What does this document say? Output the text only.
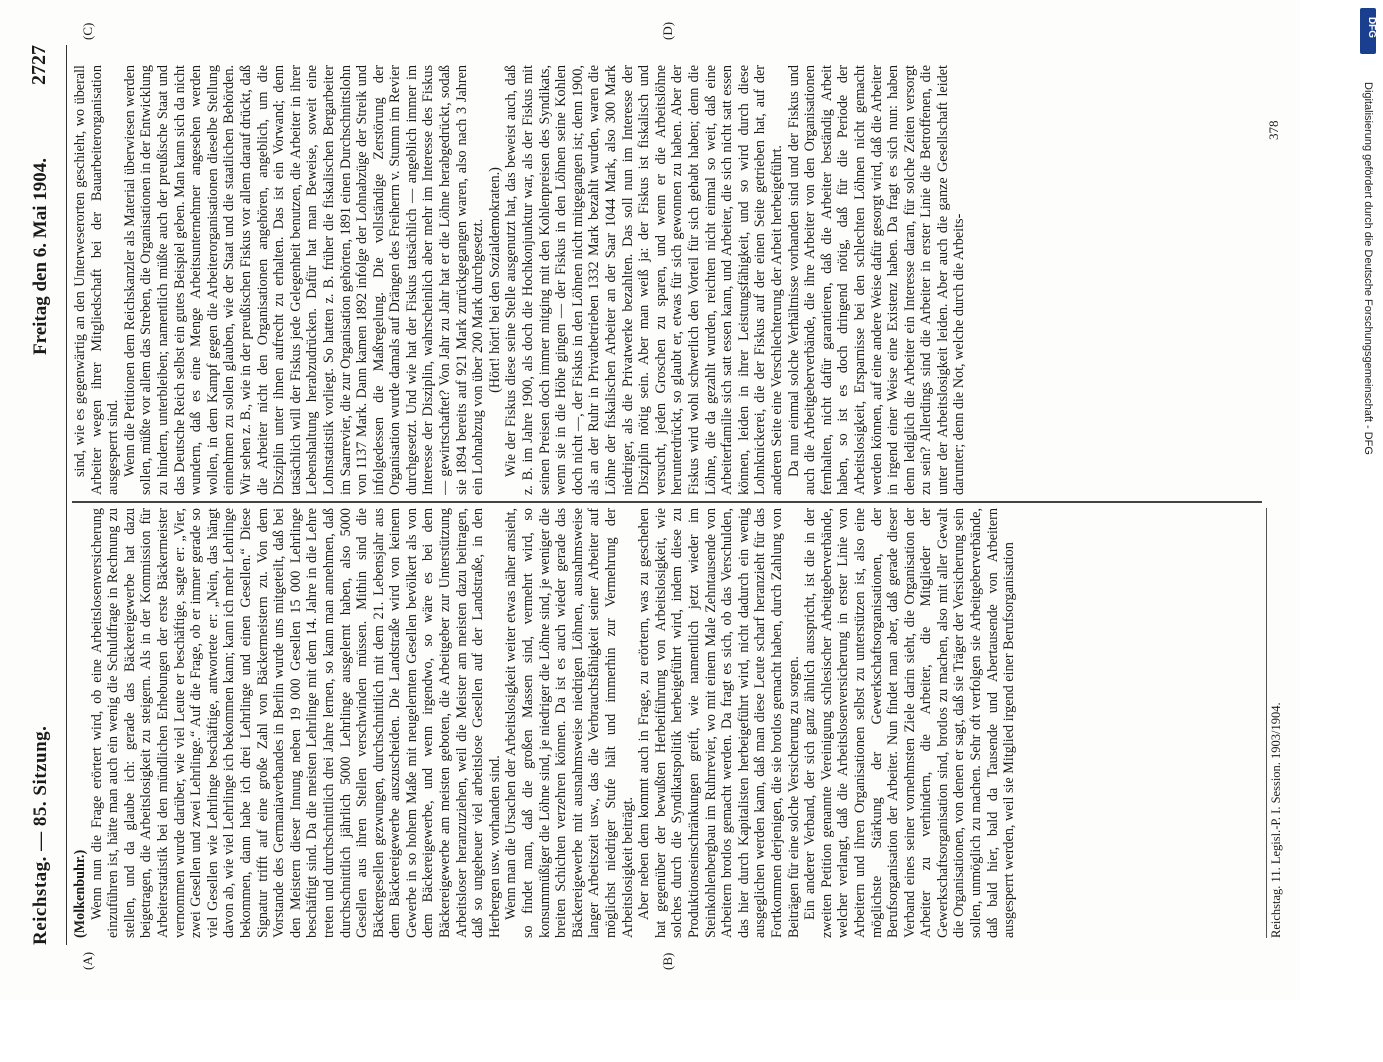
Reichstag. — 85. Sitzung.
Freitag den 6. Mai 1904.
2727
(A)	(B)
(C)	(D)

(Molkenbuhr.) Wenn nun die Frage erörtert wird, ob eine Arbeitslosenversicherung einzuführen ist, hätte man auch ein wenig die Schuldfrage in Rechnung zu stellen, und da glaube ich: gerade das Bäckereigewerbe hat dazu beigetragen, die Arbeitslosigkeit zu steigern. Als in der Kommission für Arbeiterstatistik bei den mündlichen Erhebungen der erste Bäckermeister vernommen wurde darüber, wie viel Leute er beschäftige, sagte er: „Vier, zwei Gesellen und zwei Lehrlinge.“ Auf die Frage, ob er immer gerade so viel Gesellen wie Lehrlinge beschäftige, antwortete er: „Nein, das hängt davon ab, wie viel Lehrlinge ich bekommen kann; kann ich mehr Lehrlinge bekommen, dann habe ich drei Lehrlinge und einen Gesellen.“ Diese Signatur trifft auf eine große Zahl von Bäckermeistern zu. Von dem Vorstande des Germaniaverbandes in Berlin wurde uns mitgeteilt, daß bei den Meistern dieser Innung neben 19 000 Gesellen 15 000 Lehrlinge beschäftigt sind. Da die meisten Lehrlinge mit dem 14. Jahre in die Lehre treten und durchschnittlich drei Jahre lernen, so kann man annehmen, daß durchschnittlich jährlich 5000 Lehrlinge ausgelernt haben, also 5000 Gesellen aus ihren Stellen verschwinden müssen. Mithin sind die Bäckergesellen gezwungen, durchschnittlich mit dem 21. Lebensjahr aus dem Bäckereigewerbe auszuscheiden. Die Landstraße wird von keinem Gewerbe in so hohem Maße mit neugelernten Gesellen bevölkert als von dem Bäckereigewerbe, und wenn irgendwo, so wäre es bei dem Bäckereigewerbe am meisten geboten, die Arbeitgeber zur Unterstützung Arbeitsloser heranzuziehen, weil die Meister am meisten dazu beitragen, daß so ungeheuer viel arbeitslose Gesellen auf der Landstraße, in den Herbergen usw. vorhanden sind. Wenn man die Ursachen der Arbeitslosigkeit weiter etwas näher ansieht, so findet man, daß die großen Massen sind, vermehrt wird, so konsummüßiger die Löhne sind, je niedriger die Löhne sind, je weniger die breiten Schichten verzehren können. Da ist es auch wieder gerade das Bäckereigewerbe mit ausnahmsweise niedrigen Löhnen, ausnahmsweise langer Arbeitszeit usw., das die Verbrauchsfähigkeit seiner Arbeiter auf möglichst niedriger Stufe hält und immerhin zur Vermehrung der Arbeitslosigkeit beiträgt. Aber neben dem kommt auch in Frage, zu erörtern, was zu geschehen hat gegenüber der bewußten Herbeiführung von Arbeitslosigkeit, wie solches durch die Syndikatspolitik herbeigeführt wird, indem diese zu Produktionseinschränkungen greift, wie namentlich jetzt wieder im Steinkohlenbergbau im Ruhrrevier, wo mit einem Male Zehntausende von Arbeitern brotlos gemacht werden. Da fragt es sich, ob das Verschulden, das hier durch Kapitalisten herbeigeführt wird, nicht dadurch ein wenig ausgeglichen werden kann, daß man diese Leute scharf heranzieht für das Fortkommen derjenigen, die sie brotlos gemacht haben, durch Zahlung von Beiträgen für eine solche Versicherung zu sorgen. Ein anderer Verband, der sich ganz ähnlich ausspricht, ist die in der zweiten Petition genannte Vereinigung schlesischer Arbeitgeberverbände, welcher verlangt, daß die Arbeitslosenversicherung in erster Linie von Arbeitern und ihren Organisationen selbst zu unterstützen ist, also eine möglichste Stärkung der Gewerkschaftsorganisationen, der Berufsorganisation der Arbeiter. Nun findet man aber, daß gerade dieser Verband eines seiner vornehmsten Ziele darin sieht, die Organisation der Arbeiter zu verhindern, die Arbeiter, die Mitglieder der Gewerkschaftsorganisation sind, brotlos zu machen, also mit aller Gewalt die Organisationen, von denen er sagt, daß sie Träger der Versicherung sein sollen, unmöglich zu machen. Sehr oft verfolgen sie Arbeitgeberverbände, daß bald hier, bald da Tausende und Abertausende von Arbeitern ausgesperrt werden, weil sie Mitglied irgend einer Berufsorganisation

sind, wie es gegenwärtig an den Unterweserorten geschieht, wo überall Arbeiter wegen ihrer Mitgliedschaft bei der Bauarbeiterorganisation ausgesperrt sind. Wenn die Petitionen dem Reichskanzler als Material überwiesen werden sollen, müßte vor allem das Streben, die Organisationen in der Entwicklung zu hindern, unterbleiben; namentlich müßte auch der preußische Staat und das Deutsche Reich selbst ein gutes Beispiel geben. Man kann sich da nicht wundern, daß es eine Menge Arbeitsunternehmer angesehen werden wollen, in dem Kampf gegen die Arbeiterorganisationen dieselbe Stellung einnehmen zu sollen glauben, wie der Staat und die staatlichen Behörden. Wir sehen z. B., wie in der preußischen Fiskus vor allem darauf drückt, daß die Arbeiter nicht den Organisationen angehören, angeblich, um die Disziplin unter ihnen aufrecht zu erhalten. Das ist ein Vorwand; denn tatsächlich will der Fiskus jede Gelegenheit benutzen, die Arbeiter in ihrer Lebenshaltung herabzudrücken. Dafür hat man Beweise, soweit eine Lohnstatistik vorliegt. So hatten z. B. früher die fiskalischen Bergarbeiter im Saarrevier, die zur Organisation gehörten, 1891 einen Durchschnittslohn von 1137 Mark. Dann kamen 1892 infolge der Lohnabzüge der Streik und infolgedessen die Maßregelung. Die vollständige Zerstörung der Organisation wurde damals auf Drängen des Freiherrn v. Stumm im Revier durchgesetzt. Und wie hat der Fiskus tatsächlich — angeblich immer im Interesse der Disziplin, wahrscheinlich aber mehr im Interesse des Fiskus — gewirtschaftet? Von Jahr zu Jahr hat er die Löhne herabgedrückt, sodaß sie 1894 bereits auf 921 Mark zurückgegangen waren, also nach 3 Jahren ein Lohnabzug von über 200 Mark durchgesetzt. (Hört! hört! bei den Sozialdemokraten.) Wie der Fiskus diese seine Stelle ausgenutzt hat, das beweist auch, daß z. B. im Jahre 1900, als doch die Hochkonjunktur war, als der Fiskus mit seinen Preisen doch immer mitging mit den Kohlenpreisen des Syndikats, wenn sie in die Höhe gingen — der Fiskus in den Löhnen seine Kohlen doch nicht —, der Fiskus in den Löhnen nicht mitgegangen ist; denn 1900, als an der Ruhr in Privatbetrieben 1332 Mark bezahlt wurden, waren die Löhne der fiskalischen Arbeiter an der Saar 1044 Mark, also 300 Mark niedriger, als die Privatwerke bezahlten. Das soll nun im Interesse der Disziplin nötig sein. Aber man weiß ja: der Fiskus ist fiskalisch und versucht, jeden Groschen zu sparen, und wenn er die Arbeitslöhne herunterdrückt, so glaubt er, etwas für sich gewonnen zu haben. Aber der Fiskus wird wohl schwerlich den Vorteil für sich gehabt haben; denn die Löhne, die da gezahlt wurden, reichten nicht einmal so weit, daß eine Arbeiterfamilie sich satt essen kann, und Arbeiter, die sich nicht satt essen können, leiden in ihrer Leistungsfähigkeit, und so wird durch diese Lohnknickerei, die der Fiskus auf der einen Seite getrieben hat, auf der anderen Seite eine Verschlechterung der Arbeit herbeigeführt. Da nun einmal solche Verhältnisse vorhanden sind und der Fiskus und auch die Arbeitgeberverbände, die ihre Arbeiter von den Organisationen fernhalten, nicht dafür garantieren, daß die Arbeiter beständig Arbeit haben, so ist es doch dringend nötig, daß für die Periode der Arbeitslosigkeit, Ersparnisse bei den schlechten Löhnen nicht gemacht werden können, auf eine andere Weise dafür gesorgt wird, daß die Arbeiter in irgend einer Weise eine Existenz haben. Da fragt es sich nun: haben denn lediglich die Arbeiter ein Interesse daran, für solche Zeiten versorgt zu sein? Allerdings sind die Arbeiter in erster Linie die Betroffenen, die unter der Arbeitslosigkeit leiden. Aber auch die ganze Gesellschaft leidet darunter; denn die Not, welche durch die Arbeits-

Reichstag. 11. Legisl.-P. I. Session. 1903/1904.
378
DFG
Digitalisierung gefördert durch die Deutsche Forschungsgemeinschaft - DFG
